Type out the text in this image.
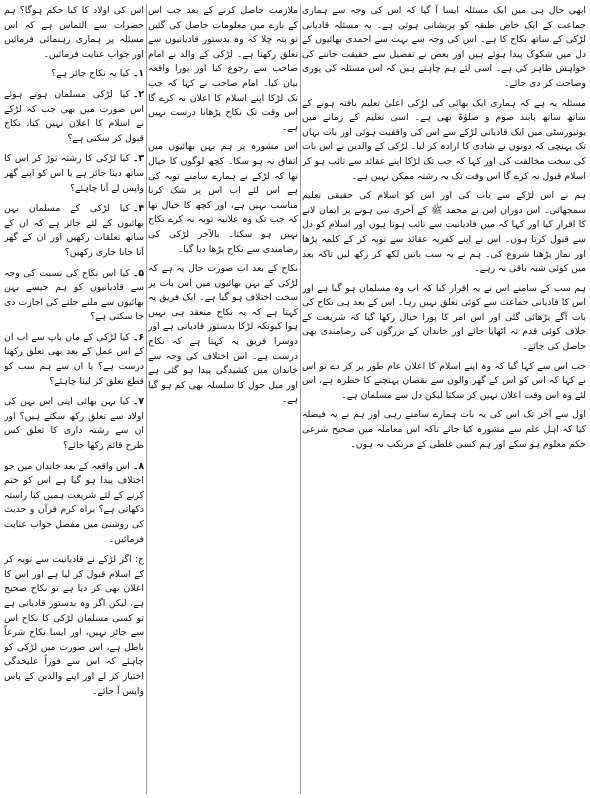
ابھی حال ہی میں ایک مسئلہ ایسا آ گیا کہ اس کی وجہ سے ہماری جماعت کے ایک خاص طبقہ کو پریشانی ہوئی ہے۔ یہ مسئلہ قادیانی لڑکی کے ساتھ نکاح کا ہے۔ اس کی وجہ سے بہت سے احمدی بھائیوں کے دل میں شکوک پیدا ہوئے ہیں اور بعض نے تفصیل سے حقیقت جاننے کی خواہش ظاہر کی ہے۔ اسی لئے ہم چاہتے ہیں کہ اس مسئلہ کی پوری وضاحت کر دی جائے۔

مسئلہ یہ ہے کہ ہماری ایک بھائی کی لڑکی اعلیٰ تعلیم یافتہ ہونے کے ساتھ ساتھ پابند صوم و صلوٰۃ بھی ہے۔ اسی تعلیم کے زمانے میں یونیورسٹی میں ایک قادیانی لڑکے سے اس کی واقفیت ہوئی اور بات بہاں تک پہنچی کہ دونوں نے شادی کا ارادہ کر لیا۔ لڑکی کے والدین نے اس بات کی سخت مخالفت کی اور کہا کہ جب تک لڑکا اپنے عقائد سے تائب ہو کر اسلام قبول نہ کرے گا اس وقت تک یہ رشتہ ممکن نہیں ہے۔

ہم نے اس لڑکے سے بات کی اور اس کو اسلام کی حقیقی تعلیم سمجھائی۔ اس دوران اس نے محمد ﷺ کے آخری نبی ہونے پر ایمان لانے کا اقرار کیا اور کہا کہ میں قادیانیت سے تائب ہوتا ہوں اور اسلام کو دل سے قبول کرتا ہوں۔ اس نے اپنے کفریہ عقائد سے توبہ کر کے کلمہ پڑھا اور نماز پڑھنا شروع کی۔ ہم نے یہ سب باتیں لکھ کر رکھ لیں تاکہ بعد میں کوئی شبہ باقی نہ رہے۔

ہم سب کے سامنے اس نے یہ اقرار کیا کہ اب وہ مسلمان ہو گیا ہے اور اس کا قادیانی جماعت سے کوئی تعلق نہیں رہا۔ اس کے بعد ہی نکاح کی بات آگے بڑھائی گئی اور اس امر کا پورا خیال رکھا گیا کہ شریعت کے خلاف کوئی قدم نہ اٹھایا جائے اور خاندان کے بزرگوں کی رضامندی بھی حاصل کی جائے۔

جب اس سے کہا گیا کہ وہ اپنے اسلام کا اعلان عام طور پر کر دے تو اس نے کہا کہ اس کو اس کے گھر والوں سے نقصان پہنچنے کا خطرہ ہے، اس لئے وہ اس وقت اعلان نہیں کر سکتا لیکن دل سے مسلمان ہے۔

اول سے آخر تک اس کی یہ بات ہمارے سامنے رہی اور ہم نے یہ فیصلہ کیا کہ اہل علم سے مشورہ کیا جائے تاکہ اس معاملہ میں صحیح شرعی حکم معلوم ہو سکے اور ہم کسی غلطی کے مرتکب نہ ہوں۔

ملازمت حاصل کرنے کے بعد جب اس کے بارے میں معلومات حاصل کی گئیں تو پتہ چلا کہ وہ بدستور قادیانیوں سے تعلق رکھتا ہے۔ لڑکی کے والد نے امام صاحب سے رجوع کیا اور پورا واقعہ بیان کیا۔ امام صاحب نے کہا کہ جب تک لڑکا اپنے اسلام کا اعلان نہ کرے گا اس وقت تک نکاح پڑھانا درست نہیں ہے۔

اس مشورہ پر ہم بہن بھائیوں میں اتفاق نہ ہو سکا۔ کچھ لوگوں کا خیال تھا کہ لڑکے نے ہمارے سامنے توبہ کی ہے اس لئے اب اس پر شک کرنا مناسب نہیں ہے، اور کچھ کا خیال تھا کہ جب تک وہ علانیہ توبہ نہ کرے نکاح نہیں ہو سکتا۔ بالآخر لڑکی کی رضامندی سے نکاح پڑھا دیا گیا۔

نکاح کے بعد اب صورت حال یہ ہے کہ لڑکی کے بہن بھائیوں میں اس بات پر سخت اختلاف ہو گیا ہے۔ ایک فریق یہ کہتا ہے کہ یہ نکاح منعقد ہی نہیں ہوا کیونکہ لڑکا بدستور قادیانی ہے اور دوسرا فریق یہ کہتا ہے کہ نکاح درست ہے۔ اس اختلاف کی وجہ سے خاندان میں کشیدگی پیدا ہو گئی ہے اور میل جول کا سلسلہ بھی کم ہو گیا ہے۔

اس کی اولاد کا کیا حکم ہوگا؟ ہم حضرات سے التماس ہے کہ اس مسئلہ پر ہماری رہنمائی فرمائیں اور جواب عنایت فرمائیں۔

۱۔کیا یہ نکاح جائز ہے؟

۲۔کیا لڑکی مسلمان ہوتے ہوئے اس صورت میں بھی جب کہ لڑکے نے اسلام کا اعلان نہیں کیا، نکاح قبول کر سکتی ہے؟

۳۔کیا لڑکی کا رشتہ توڑ کر اس کا ساتھ دینا جائز ہے یا اس کو اپنے گھر واپس لے آنا چاہئے؟

۴۔کیا لڑکی کے مسلمان بہن بھائیوں کے لئے جائز ہے کہ ان کے ساتھ تعلقات رکھیں اور ان کے گھر آنا جانا جاری رکھیں؟

۵۔کیا اس نکاح کی نسبت کی وجہ سے قادیانیوں کو ہم جیسے بہن بھائیوں سے ملنے جلنے کی اجازت دی جا سکتی ہے؟

۶۔کیا لڑکی کے ماں باپ سے اب ان کے اس عمل کے بعد بھی تعلق رکھنا درست ہے؟ یا ان سے ہم سب کو قطع تعلق کر لینا چاہئے؟

۷۔کیا بہن بھائی اپنی اس بہن کی اولاد سے تعلق رکھ سکتے ہیں؟ اور ان سے رشتہ داری کا تعلق کس طرح قائم رکھا جائے؟

۸۔اس واقعہ کے بعد خاندان میں جو اختلاف پیدا ہو گیا ہے اس کو ختم کرنے کے لئے شریعت ہمیں کیا راستہ دکھاتی ہے؟ براہ کرم قرآن و حدیث کی روشنی میں مفصل جواب عنایت فرمائیں۔

ج: اگر لڑکے نے قادیانیت سے توبہ کر کے اسلام قبول کر لیا ہے اور اس کا اعلان بھی کر دیا ہے تو نکاح صحیح ہے، لیکن اگر وہ بدستور قادیانی ہے تو کسی مسلمان لڑکی کا نکاح اس سے جائز نہیں، اور ایسا نکاح شرعاً باطل ہے، اس صورت میں لڑکی کو چاہئے کہ اس سے فوراً علیحدگی اختیار کر لے اور اپنے والدین کے پاس واپس آ جائے۔
